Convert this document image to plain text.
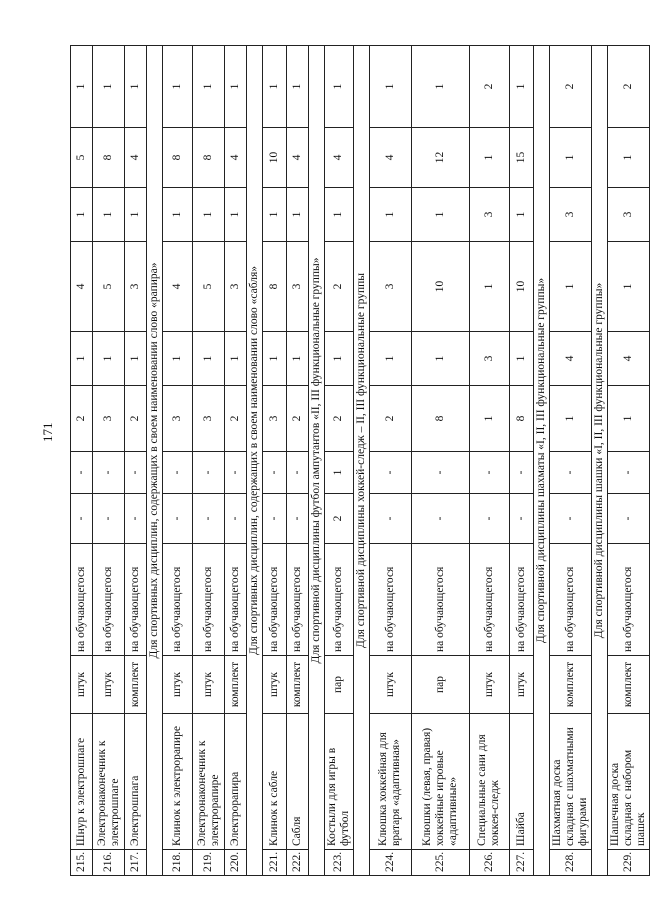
171
215.	Шнур к электрошпаге	штук	на обучающегося	-	-	2	1	4	1	5	1
216.	Электронаконечник к электрошпаге	штук	на обучающегося	-	-	3	1	5	1	8	1
217.	Электрошпага	комплект	на обучающегося	-	-	2	1	3	1	4	1
Для спортивных дисциплин, содержащих в своем наименовании слово «рапира»											
218.	Клинок к электрорапире	штук	на обучающегося	-	-	3	1	4	1	8	1
219.	Электронаконечник к электрорапире	штук	на обучающегося	-	-	3	1	5	1	8	1
220.	Электрорапира	комплект	на обучающегося	-	-	2	1	3	1	4	1
Для спортивных дисциплин, содержащих в своем наименовании слово «сабля»											
221.	Клинок к сабле	штук	на обучающегося	-	-	3	1	8	1	10	1
222.	Сабля	комплект	на обучающегося	-	-	2	1	3	1	4	1
Для спортивной дисциплины футбол ампутантов «II, III функциональные группы»											
223.	Костыли для игры в футбол	пар	на обучающегося	2	1	2	1	2	1	4	1
Для спортивной дисциплины хоккей-следж – II, III функциональные группы											
224.	Клюшка хоккейная для вратаря «адаптивная»	штук	на обучающегося	-	-	2	1	3	1	4	1
225.	Клюшки (левая, правая) хоккейные игровые «адаптивные»	пар	на обучающегося	-	-	8	1	10	1	12	1
226.	Специальные сани для хоккея-следж	штук	на обучающегося	-	-	1	3	1	3	1	2
227.	Шайба	штук	на обучающегося	-	-	8	1	10	1	15	1
Для спортивной дисциплины шахматы «I, II, III функциональные группы»											
228.	Шахматная доска складная с шахматными фигурами	комплект	на обучающегося	-	-	1	4	1	3	1	2
Для спортивной дисциплины шашки «I, II, III функциональные группы»											
229.	Шашечная доска складная с набором шашек	комплект	на обучающегося	-	-	1	4	1	3	1	2
